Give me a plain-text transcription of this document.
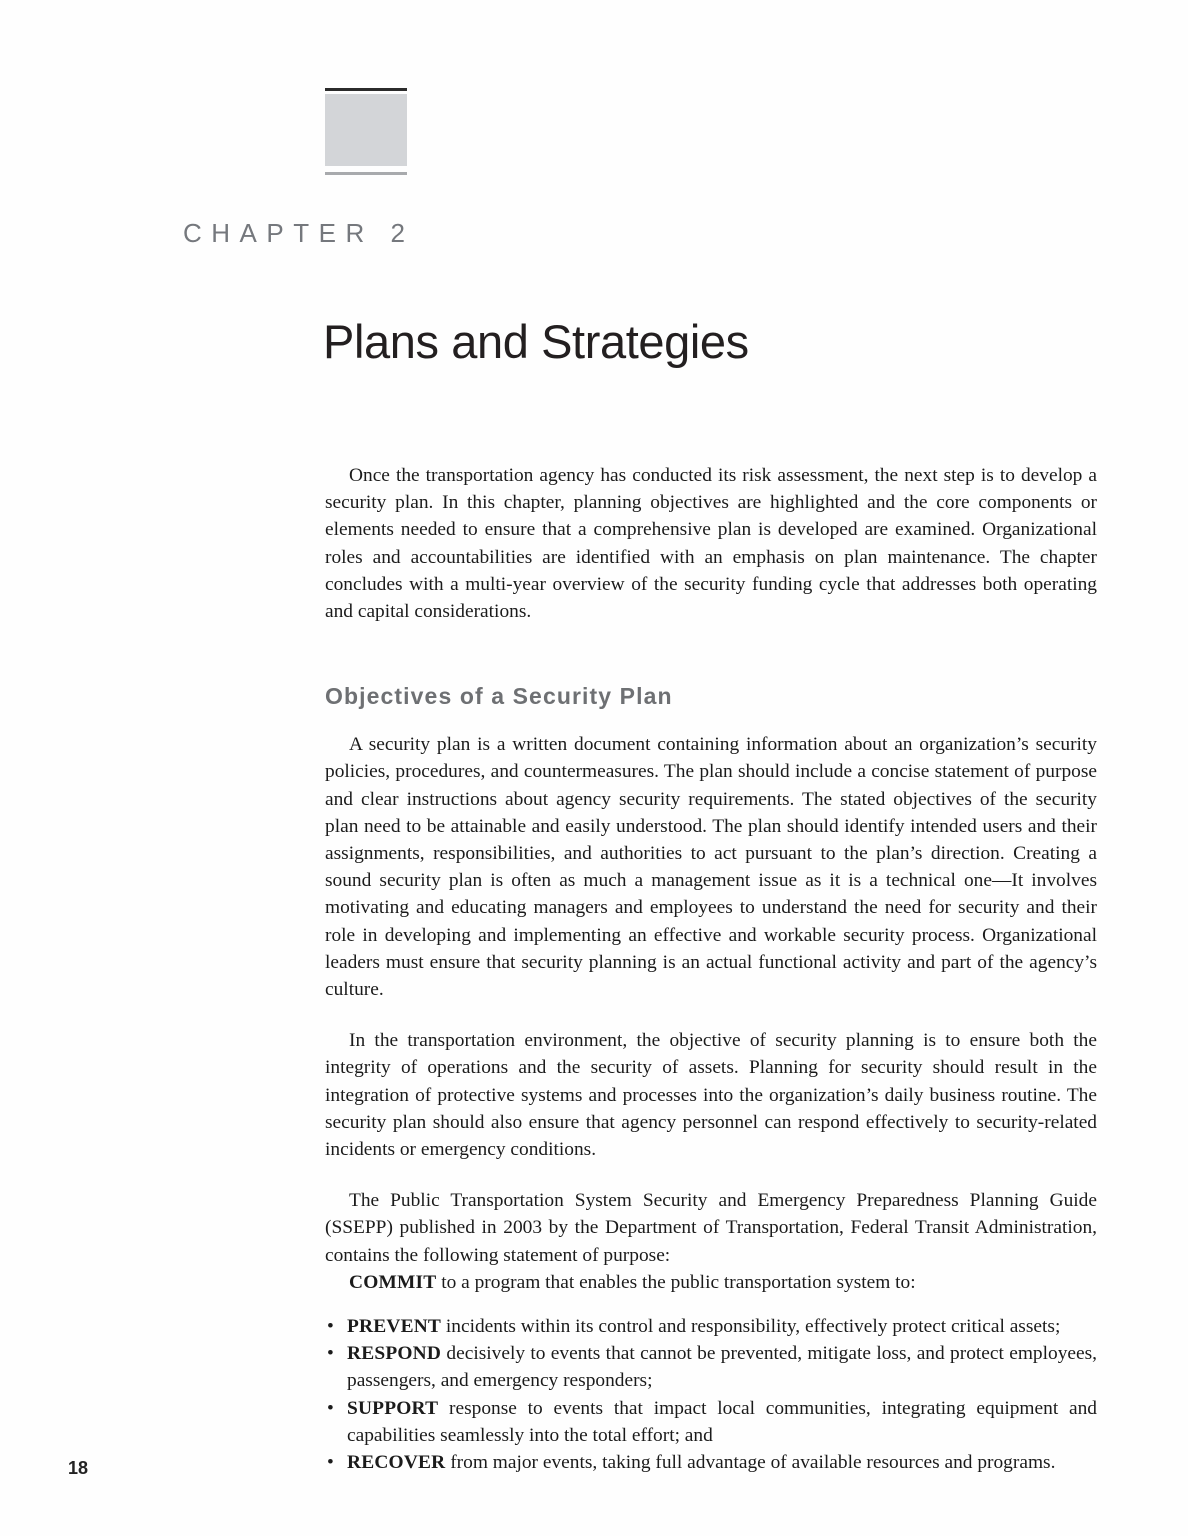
CHAPTER 2
Plans and Strategies

Once the transportation agency has conducted its risk assessment, the next step is to develop a security plan. In this chapter, planning objectives are highlighted and the core components or elements needed to ensure that a comprehensive plan is developed are examined. Organizational roles and accountabilities are identified with an emphasis on plan maintenance. The chapter concludes with a multi-year overview of the security funding cycle that addresses both operating and capital considerations.

Objectives of a Security Plan

A security plan is a written document containing information about an organization’s security policies, procedures, and countermeasures. The plan should include a concise statement of purpose and clear instructions about agency security requirements. The stated objectives of the security plan need to be attainable and easily understood. The plan should identify intended users and their assignments, responsibilities, and authorities to act pursuant to the plan’s direction. Creating a sound security plan is often as much a management issue as it is a technical one—It involves motivating and educating managers and employees to understand the need for security and their role in developing and implementing an effective and workable security process. Organizational leaders must ensure that security planning is an actual functional activity and part of the agency’s culture.

In the transportation environment, the objective of security planning is to ensure both the integrity of operations and the security of assets. Planning for security should result in the integration of protective systems and processes into the organization’s daily business routine. The security plan should also ensure that agency personnel can respond effectively to security-related incidents or emergency conditions.

The Public Transportation System Security and Emergency Preparedness Planning Guide (SSEPP) published in 2003 by the Department of Transportation, Federal Transit Administration, contains the following statement of purpose:

COMMIT to a program that enables the public transportation system to:

• PREVENT incidents within its control and responsibility, effectively protect critical assets;
• RESPOND decisively to events that cannot be prevented, mitigate loss, and protect employees, passengers, and emergency responders;
• SUPPORT response to events that impact local communities, integrating equipment and capabilities seamlessly into the total effort; and
• RECOVER from major events, taking full advantage of available resources and programs.
18
